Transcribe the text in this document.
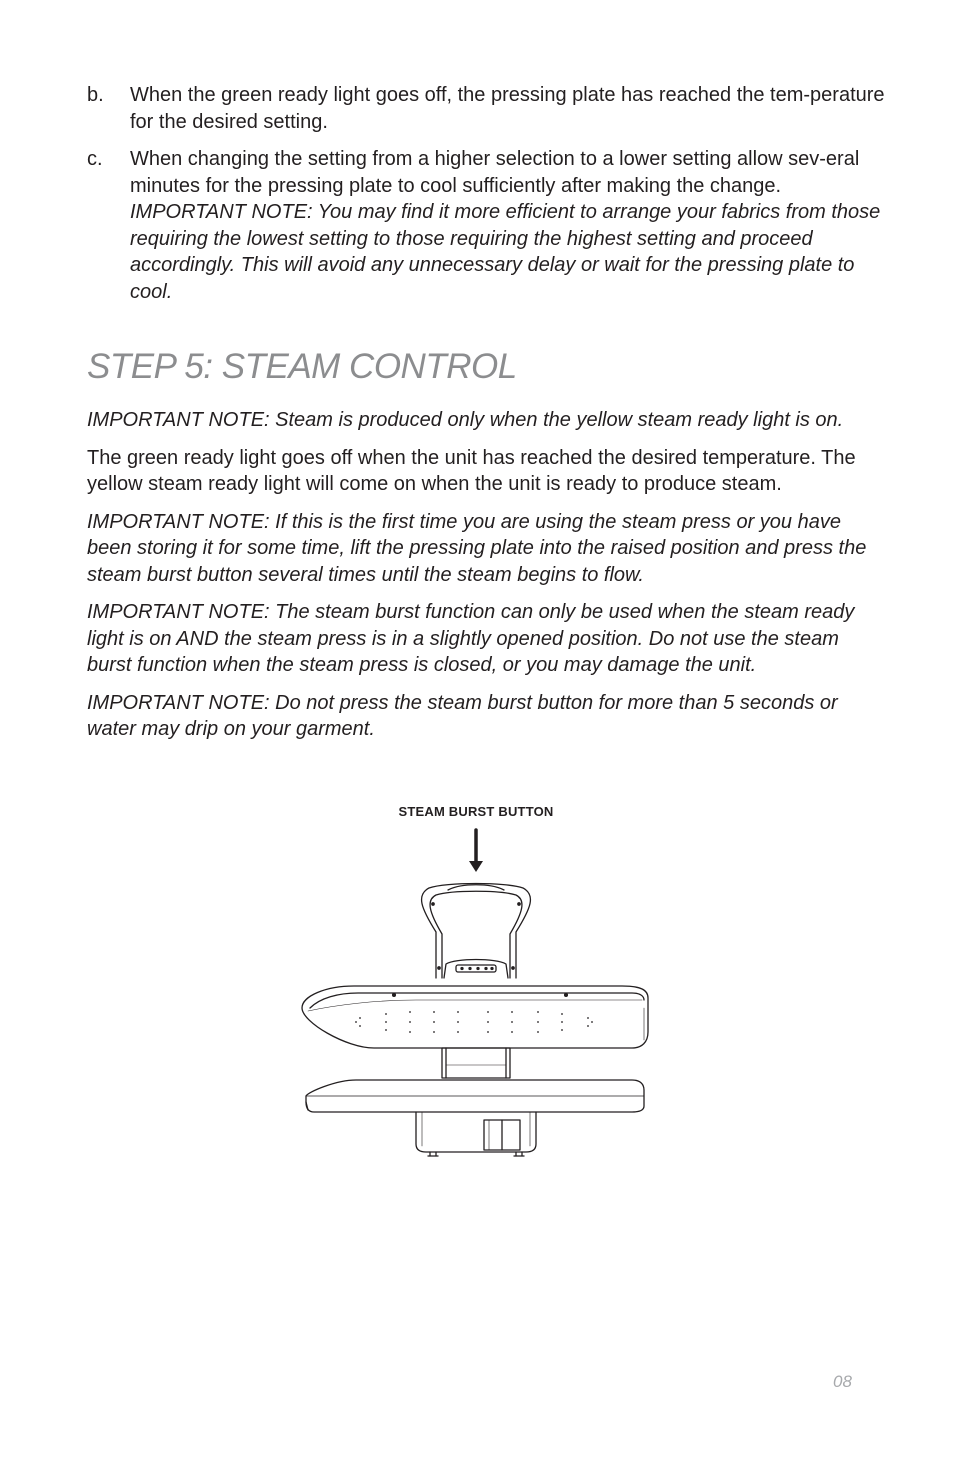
b.	When the green ready light goes off, the pressing plate has reached the tem-perature for the desired setting.

c.	When changing the setting from a higher selection to a lower setting allow sev-eral minutes for the pressing plate to cool sufficiently after making the change.

IMPORTANT NOTE: You may find it more efficient to arrange your fabrics from those requiring the lowest setting to those requiring the highest setting and proceed accordingly. This will avoid any unnecessary delay or wait for the pressing plate to cool.

STEP 5: STEAM CONTROL

IMPORTANT NOTE: Steam is produced only when the yellow steam ready light is on.

The green ready light goes off when the unit has reached the desired temperature. The yellow steam ready light will come on when the unit is ready to produce steam.

IMPORTANT NOTE: If this is the first time you are using the steam press or you have been storing it for some time, lift the pressing plate into the raised position and press the steam burst button several times until the steam begins to flow.

IMPORTANT NOTE: The steam burst function can only be used when the steam ready light is on AND the steam press is in a slightly opened position. Do not use the steam burst function when the steam press is closed, or you may damage the unit.

IMPORTANT NOTE: Do not press the steam burst button for more than 5 seconds or water may drip on your garment.

STEAM BURST BUTTON
08
